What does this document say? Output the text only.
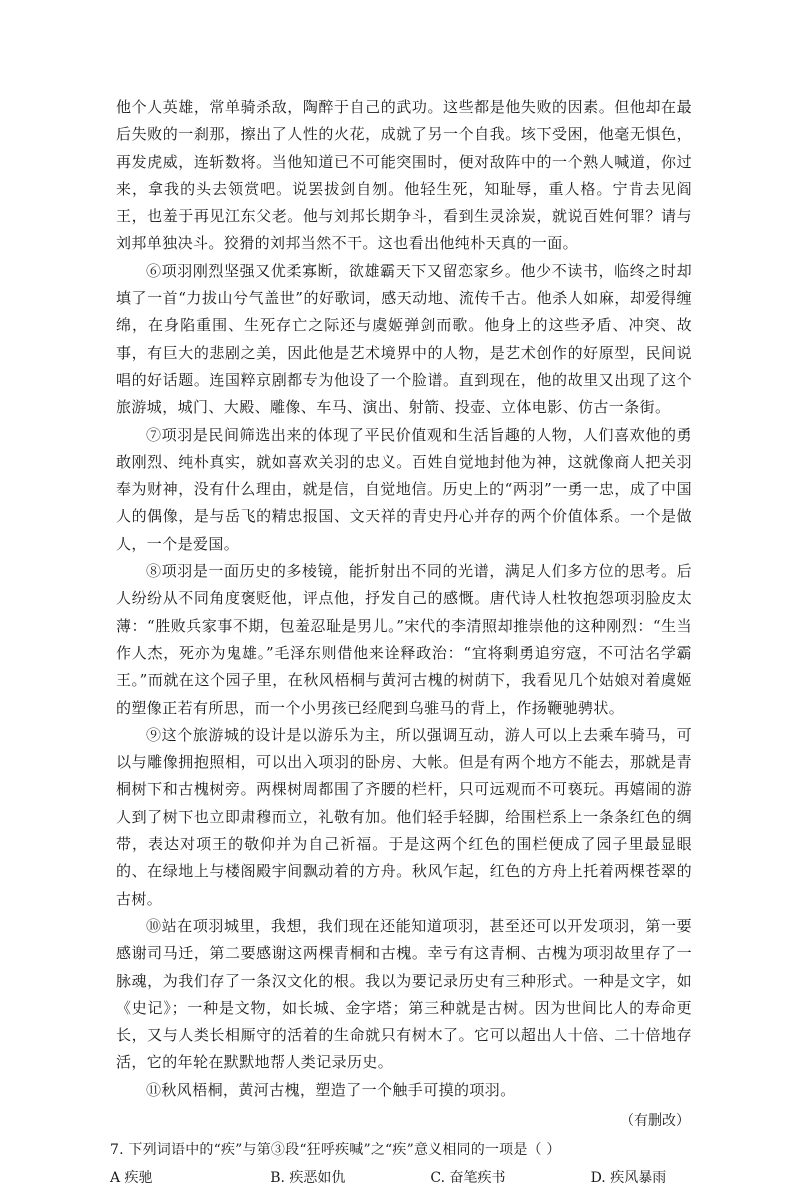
他个人英雄，常单骑杀敌，陶醉于自己的武功。这些都是他失败的因素。但他却在最后失败的一刹那，擦出了人性的火花，成就了另一个自我。垓下受困，他毫无惧色，再发虎威，连斩数将。当他知道已不可能突围时，便对敌阵中的一个熟人喊道，你过来，拿我的头去领赏吧。说罢拔剑自刎。他轻生死，知耻辱，重人格。宁肯去见阎王，也羞于再见江东父老。他与刘邦长期争斗，看到生灵涂炭，就说百姓何罪？请与刘邦单独决斗。狡猾的刘邦当然不干。这也看出他纯朴天真的一面。

⑥项羽刚烈坚强又优柔寡断，欲雄霸天下又留恋家乡。他少不读书，临终之时却填了一首“力拔山兮气盖世”的好歌词，感天动地、流传千古。他杀人如麻，却爱得缠绵，在身陷重围、生死存亡之际还与虞姬弹剑而歌。他身上的这些矛盾、冲突、故事，有巨大的悲剧之美，因此他是艺术境界中的人物，是艺术创作的好原型，民间说唱的好话题。连国粹京剧都专为他设了一个脸谱。直到现在，他的故里又出现了这个旅游城，城门、大殿、雕像、车马、演出、射箭、投壶、立体电影、仿古一条街。

⑦项羽是民间筛选出来的体现了平民价值观和生活旨趣的人物，人们喜欢他的勇敢刚烈、纯朴真实，就如喜欢关羽的忠义。百姓自觉地封他为神，这就像商人把关羽奉为财神，没有什么理由，就是信，自觉地信。历史上的“两羽”一勇一忠，成了中国人的偶像，是与岳飞的精忠报国、文天祥的青史丹心并存的两个价值体系。一个是做人，一个是爱国。

⑧项羽是一面历史的多棱镜，能折射出不同的光谱，满足人们多方位的思考。后人纷纷从不同角度褒贬他，评点他，抒发自己的感慨。唐代诗人杜牧抱怨项羽脸皮太薄：“胜败兵家事不期，包羞忍耻是男儿。”宋代的李清照却推崇他的这种刚烈：“生当作人杰，死亦为鬼雄。”毛泽东则借他来诠释政治：“宜将剩勇追穷寇，不可沽名学霸王。”而就在这个园子里，在秋风梧桐与黄河古槐的树荫下，我看见几个姑娘对着虞姬的塑像正若有所思，而一个小男孩已经爬到乌骓马的背上，作扬鞭驰骋状。

⑨这个旅游城的设计是以游乐为主，所以强调互动，游人可以上去乘车骑马，可以与雕像拥抱照相，可以出入项羽的卧房、大帐。但是有两个地方不能去，那就是青桐树下和古槐树旁。两棵树周都围了齐腰的栏杆，只可远观而不可亵玩。再嬉闹的游人到了树下也立即肃穆而立，礼敬有加。他们轻手轻脚，给围栏系上一条条红色的绸带，表达对项王的敬仰并为自己祈福。于是这两个红色的围栏便成了园子里最显眼的、在绿地上与楼阁殿宇间飘动着的方舟。秋风乍起，红色的方舟上托着两棵苍翠的古树。

⑩站在项羽城里，我想，我们现在还能知道项羽，甚至还可以开发项羽，第一要感谢司马迁，第二要感谢这两棵青桐和古槐。幸亏有这青桐、古槐为项羽故里存了一脉魂，为我们存了一条汉文化的根。我以为要记录历史有三种形式。一种是文字，如《史记》；一种是文物，如长城、金字塔；第三种就是古树。因为世间比人的寿命更长，又与人类长相厮守的活着的生命就只有树木了。它可以超出人十倍、二十倍地存活，它的年轮在默默地帮人类记录历史。

⑪秋风梧桐，黄河古槐，塑造了一个触手可摸的项羽。

（有删改）

7. 下列词语中的“疾”与第③段“狂呼疾喊”之“疾”意义相同的一项是（ ）

A 疾驰	B. 疾恶如仇	C. 奋笔疾书	D. 疾风暴雨
